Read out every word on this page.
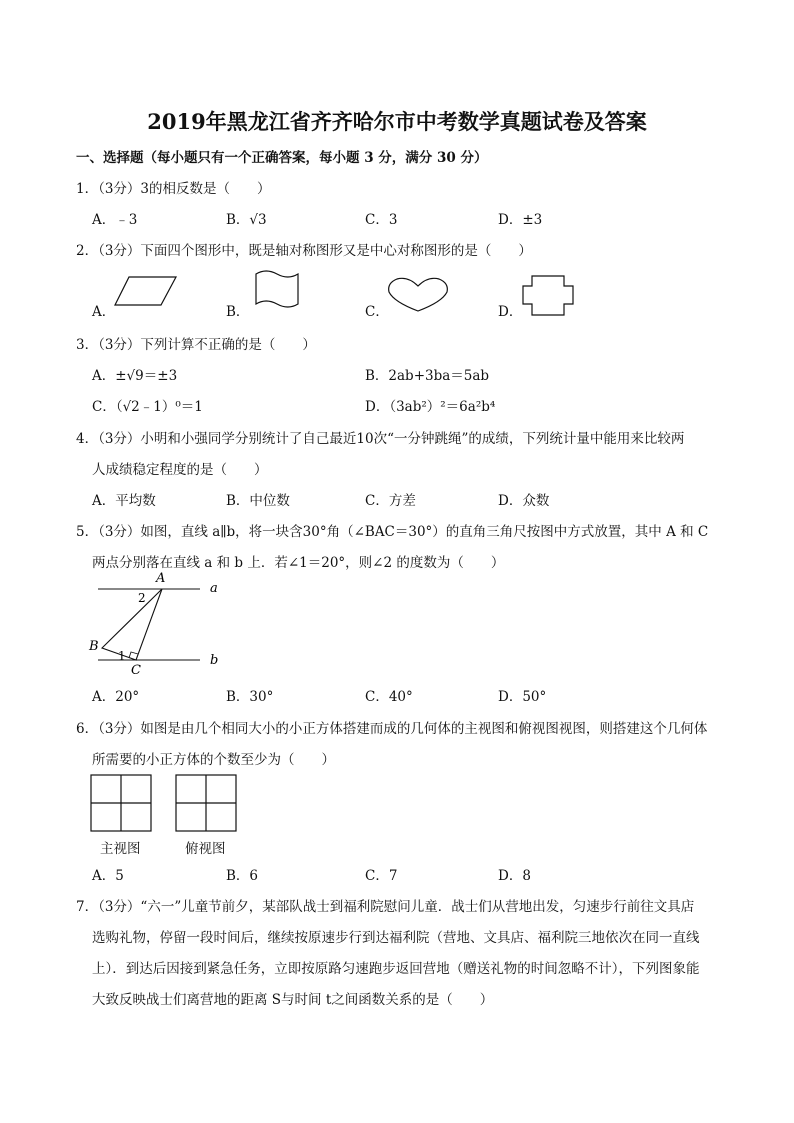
2019年黑龙江省齐齐哈尔市中考数学真题试卷及答案
一、选择题（每小题只有一个正确答案，每小题 3 分，满分 30 分）
1．（3分）3的相反数是（　　）
A．﹣3	B．√3	C．3	D．±3
2．（3分）下面四个图形中，既是轴对称图形又是中心对称图形的是（　　）
A．	B．	C．	D．
3．（3分）下列计算不正确的是（　　）
A．±√9＝±3	B．2ab+3ba＝5ab
C．（√2﹣1）⁰＝1	D．（3ab²）²＝6a²b⁴
4．（3分）小明和小强同学分别统计了自己最近10次“一分钟跳绳”的成绩，下列统计量中能用来比较两
人成绩稳定程度的是（　　）
A．平均数	B．中位数	C．方差	D．众数
5．（3分）如图，直线 a∥b，将一块含30°角（∠BAC＝30°）的直角三角尺按图中方式放置，其中 A 和 C
两点分别落在直线 a 和 b 上．若∠1＝20°，则∠2 的度数为（　　）
A
B
C
a
b
2
1
A．20°	B．30°	C．40°	D．50°
6．（3分）如图是由几个相同大小的小正方体搭建而成的几何体的主视图和俯视图视图，则搭建这个几何体
所需要的小正方体的个数至少为（　　）
主视图	俯视图
A．5	B．6	C．7	D．8
7．（3分）“六一”儿童节前夕，某部队战士到福利院慰问儿童．战士们从营地出发，匀速步行前往文具店
选购礼物，停留一段时间后，继续按原速步行到达福利院（营地、文具店、福利院三地依次在同一直线
上）．到达后因接到紧急任务，立即按原路匀速跑步返回营地（赠送礼物的时间忽略不计），下列图象能
大致反映战士们离营地的距离 S与时间 t之间函数关系的是（　　）
